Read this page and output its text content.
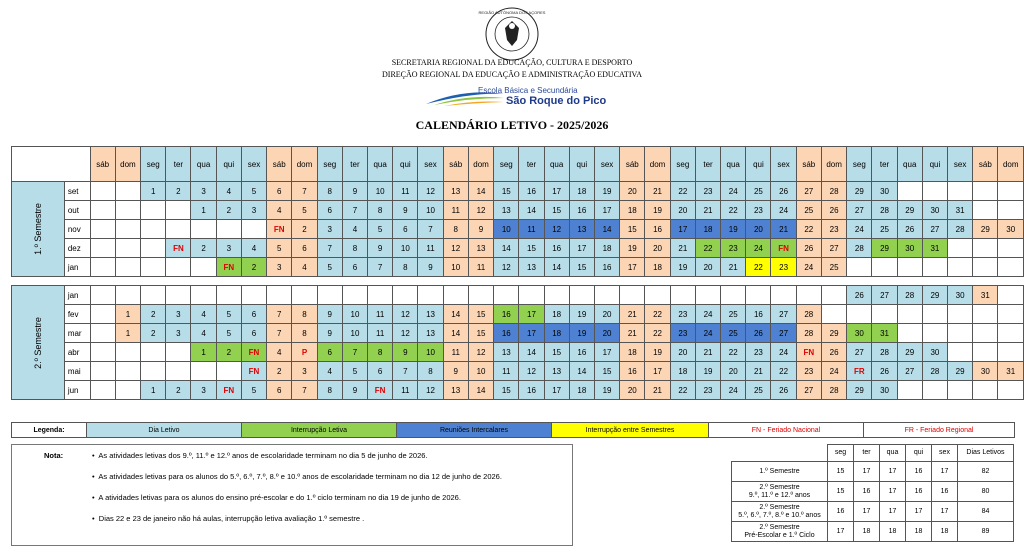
REGIÃO AUTÓNOMA DOS AÇORES
SECRETARIA REGIONAL DA EDUCAÇÃO, CULTURA E DESPORTO
DIREÇÃO REGIONAL DA EDUCAÇÃO E ADMINISTRAÇÃO EDUCATIVA
Escola Básica e Secundária
São Roque do Pico
CALENDÁRIO LETIVO - 2025/2026
		sáb	dom	seg	ter	qua	qui	sex	sáb	dom	seg	ter	qua	qui	sex	sáb	dom	seg	ter	qua	qui	sex	sáb	dom	seg	ter	qua	qui	sex	sáb	dom	seg	ter	qua	qui	sex	sáb	dom
1.º Semestre	set			1	2	3	4	5	6	7	8	9	10	11	12	13	14	15	16	17	18	19	20	21	22	23	24	25	26	27	28	29	30					
	out					1	2	3	4	5	6	7	8	9	10	11	12	13	14	15	16	17	18	19	20	21	22	23	24	25	26	27	28	29	30	31		
	nov								FN	2	3	4	5	6	7	8	9	10	11	12	13	14	15	16	17	18	19	20	21	22	23	24	25	26	27	28	29	30
	dez				FN	2	3	4	5	6	7	8	9	10	11	12	13	14	15	16	17	18	19	20	21	22	23	24	FN	26	27	28	29	30	31			
	jan						FN	2	3	4	5	6	7	8	9	10	11	12	13	14	15	16	17	18	19	20	21	22	23	24	25							

2.º Semestre	jan																															26	27	28	29	30	31	
	fev		1	2	3	4	5	6	7	8	9	10	11	12	13	14	15	16	17	18	19	20	21	22	23	24	25	16	27	28								
	mar		1	2	3	4	5	6	7	8	9	10	11	12	13	14	15	16	17	18	19	20	21	22	23	24	25	26	27	28	29	30	31					
	abr					1	2	FN	4	P	6	7	8	9	10	11	12	13	14	15	16	17	18	19	20	21	22	23	24	FN	26	27	28	29	30			
	mai							FN	2	3	4	5	6	7	8	9	10	11	12	13	14	15	16	17	18	19	20	21	22	23	24	FR	26	27	28	29	30	31
	jun			1	2	3	FN	5	6	7	8	9	FN	11	12	13	14	15	16	17	18	19	20	21	22	23	24	25	26	27	28	29	30					
Legenda:	Dia Letivo	Interrupção Letiva	Reuniões Intercalares	Interrupção entre Semestres	FN - Feriado Nacional	FR - Feriado Regional
Nota:	•  As atividades letivas dos 9.º, 11.º e 12.º anos de escolaridade terminam no dia 5 de junho de 2026.
•  As atividades letivas para os alunos do 5.º, 6.º, 7.º, 8.º e 10.º anos de escolaridade terminam no dia 12 de junho de 2026.
•  A atividades letivas para os alunos do ensino pré-escolar e do 1.º ciclo terminam no dia 19 de junho de 2026.
•  Dias 22 e 23 de janeiro não há aulas, interrupção letiva avaliação 1.º semestre .
	seg	ter	qua	qui	sex	Dias Letivos

1.º Semestre	15	17	17	16	17	82

2.º Semestre
9.º, 11.º e 12.º anos	15	16	17	16	16	80

2.º Semestre
5.º, 6.º, 7.º, 8.º e 10.º anos	16	17	17	17	17	84

2.º Semestre
Pré-Escolar e 1.º Ciclo	17	18	18	18	18	89
